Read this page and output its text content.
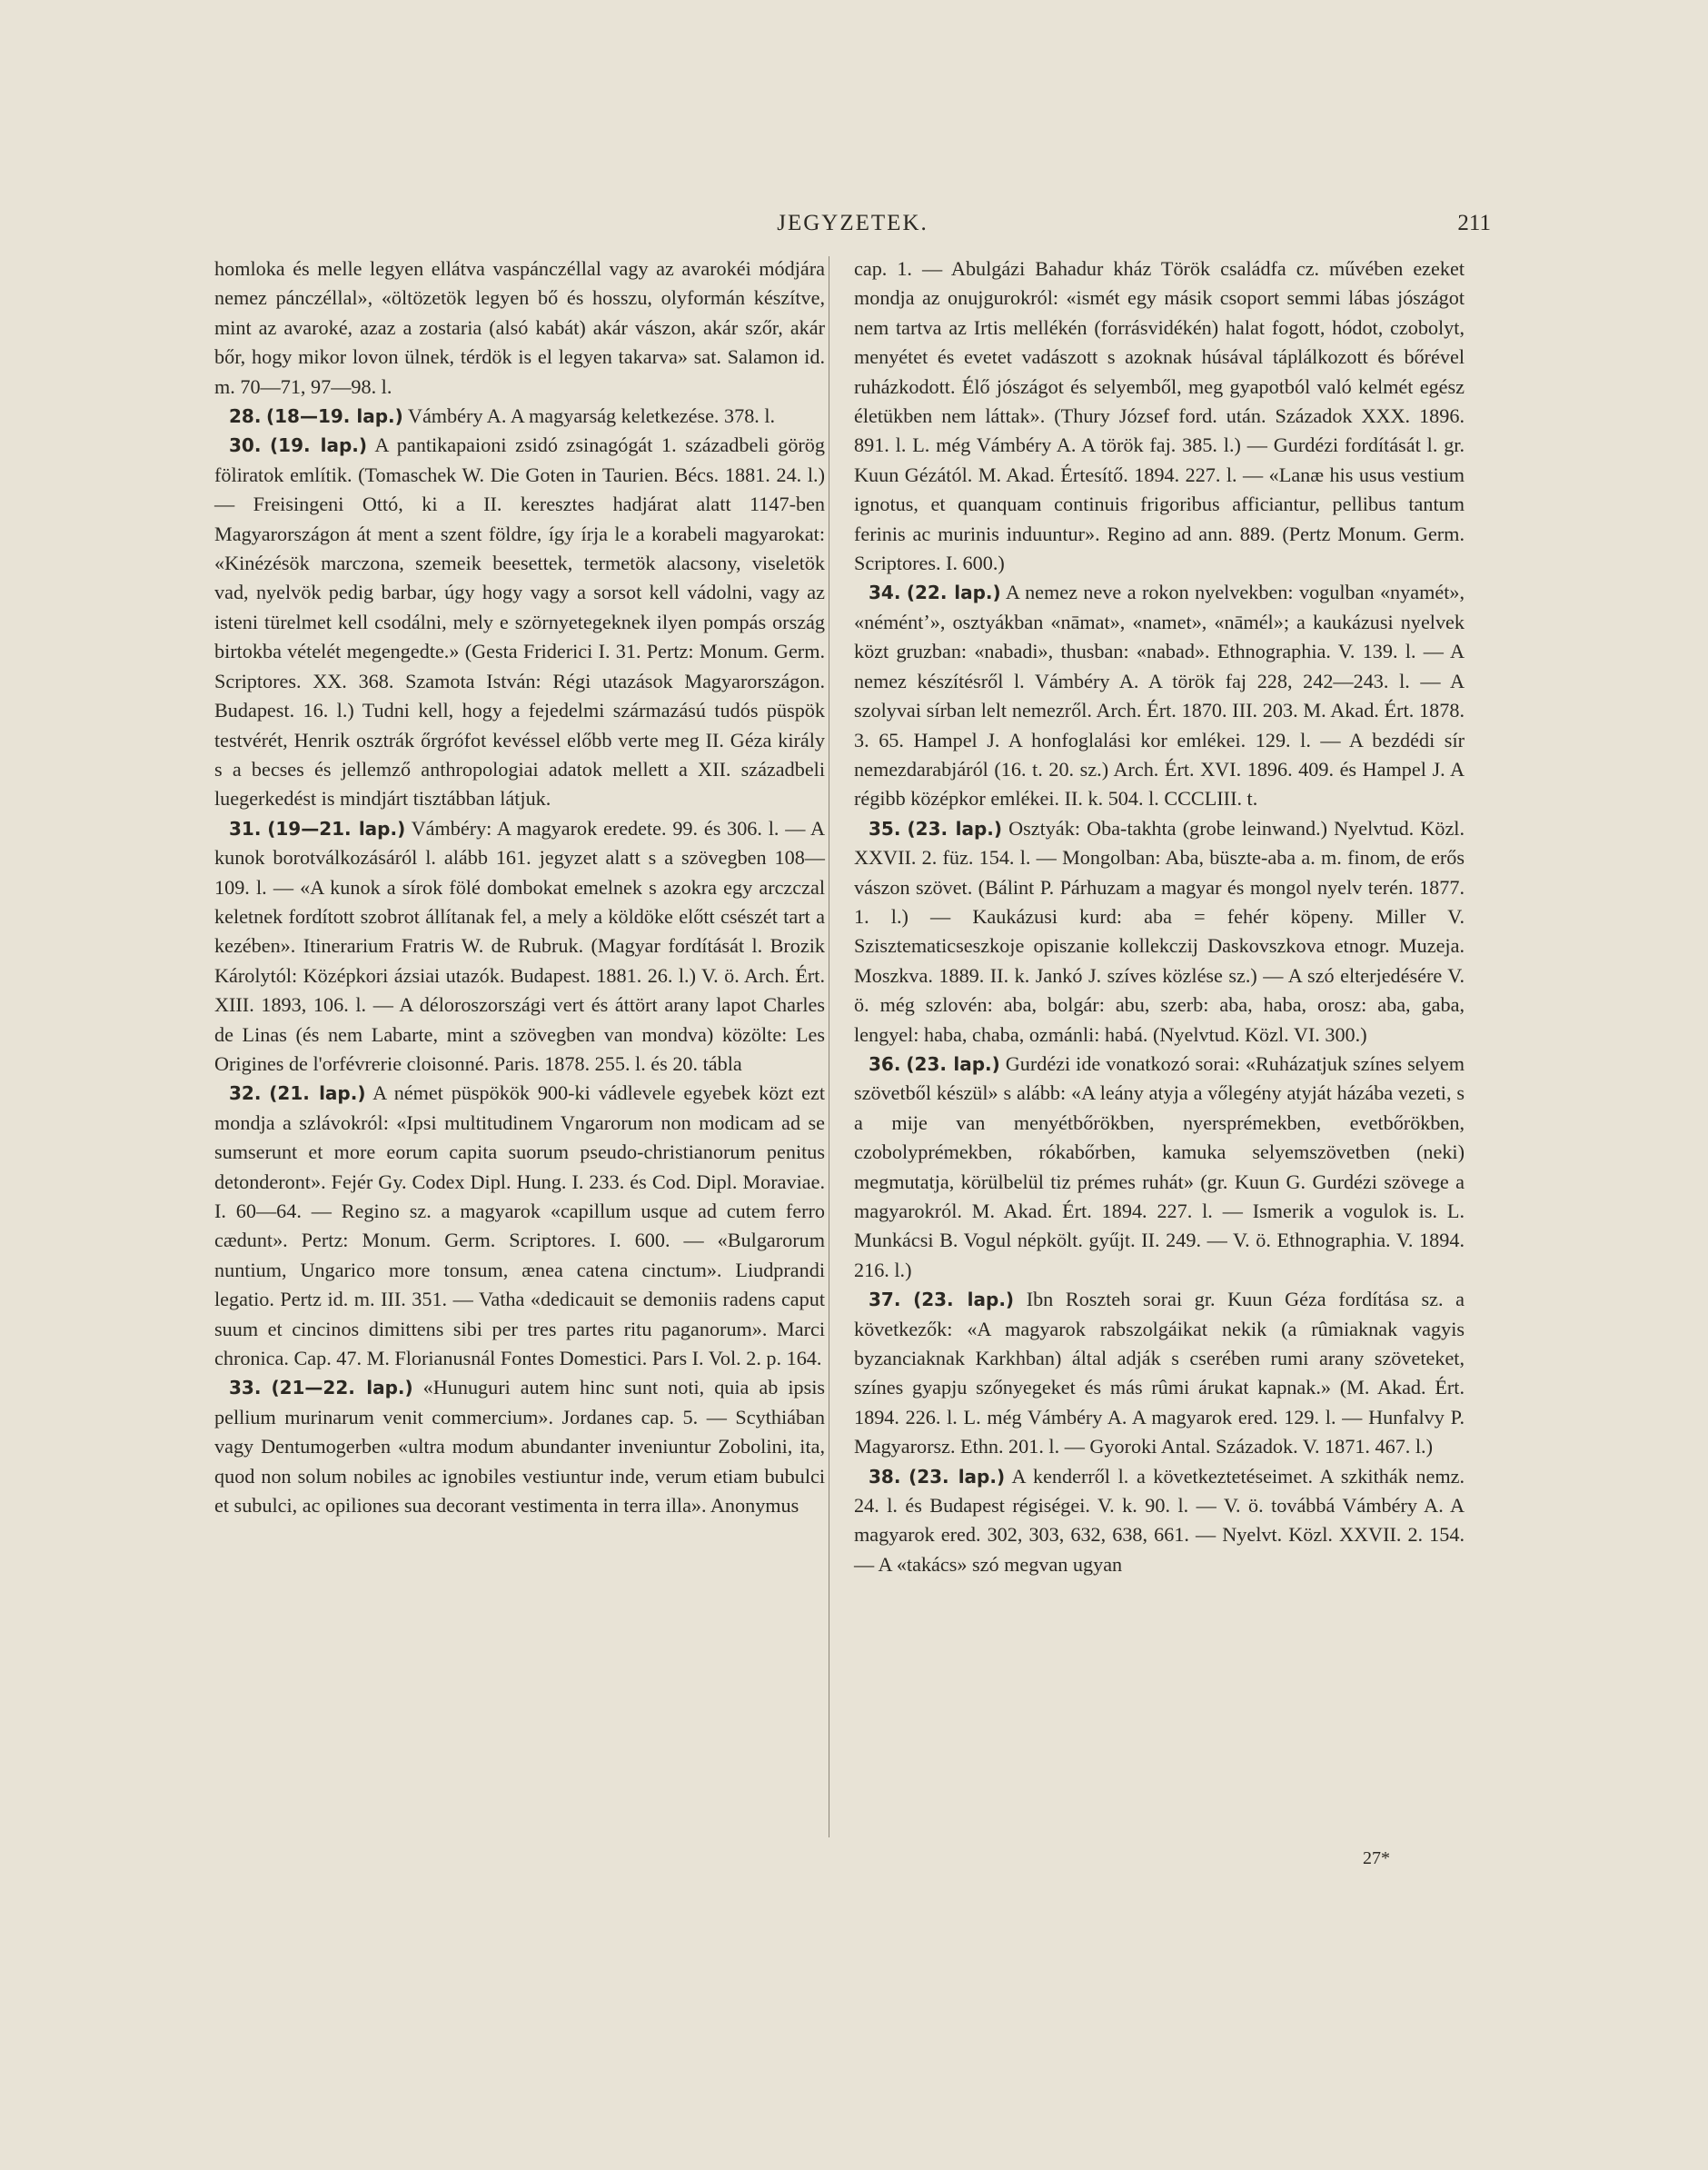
JEGYZETEK.	211

homloka és melle legyen ellátva vaspánczéllal vagy az avarokéi módjára nemez pánczéllal», «öltözetök legyen bő és hosszu, olyformán készítve, mint az avaroké, azaz a zostaria (alsó kabát) akár vászon, akár szőr, akár bőr, hogy mikor lovon ülnek, térdök is el legyen takarva» sat. Salamon id. m. 70—71, 97—98. l.

28. (18—19. lap.) Vámbéry A. A magyarság keletkezése. 378. l.

30. (19. lap.) A pantikapaioni zsidó zsinagógát 1. századbeli görög föliratok említik. (Tomaschek W. Die Goten in Taurien. Bécs. 1881. 24. l.) — Freisingeni Ottó, ki a II. keresztes hadjárat alatt 1147-ben Magyarországon át ment a szent földre, így írja le a korabeli magyarokat: «Kinézésök marczona, szemeik beesettek, termetök alacsony, viseletök vad, nyelvök pedig barbar, úgy hogy vagy a sorsot kell vádolni, vagy az isteni türelmet kell csodálni, mely e szörnyetegeknek ilyen pompás ország birtokba vételét megengedte.» (Gesta Friderici I. 31. Pertz: Monum. Germ. Scriptores. XX. 368. Szamota István: Régi utazások Magyarországon. Budapest. 16. l.) Tudni kell, hogy a fejedelmi származású tudós püspök testvérét, Henrik osztrák őrgrófot kevéssel előbb verte meg II. Géza király s a becses és jellemző anthropologiai adatok mellett a XII. századbeli luegerkedést is mindjárt tisztábban látjuk.

31. (19—21. lap.) Vámbéry: A magyarok eredete. 99. és 306. l. — A kunok borotválkozásáról l. alább 161. jegyzet alatt s a szövegben 108—109. l. — «A kunok a sírok fölé dombokat emelnek s azokra egy arczczal keletnek fordított szobrot állítanak fel, a mely a köldöke előtt csészét tart a kezében». Itinerarium Fratris W. de Rubruk. (Magyar fordítását l. Brozik Károlytól: Középkori ázsiai utazók. Budapest. 1881. 26. l.) V. ö. Arch. Ért. XIII. 1893, 106. l. — A déloroszországi vert és áttört arany lapot Charles de Linas (és nem Labarte, mint a szövegben van mondva) közölte: Les Origines de l'orfévrerie cloisonné. Paris. 1878. 255. l. és 20. tábla

32. (21. lap.) A német püspökök 900-ki vádlevele egyebek közt ezt mondja a szlávokról: «Ipsi multitudinem Vngarorum non modicam ad se sumserunt et more eorum capita suorum pseudo-christianorum penitus detonderont». Fejér Gy. Codex Dipl. Hung. I. 233. és Cod. Dipl. Moraviae. I. 60—64. — Regino sz. a magyarok «capillum usque ad cutem ferro cædunt». Pertz: Monum. Germ. Scriptores. I. 600. — «Bulgarorum nuntium, Ungarico more tonsum, ænea catena cinctum». Liudprandi legatio. Pertz id. m. III. 351. — Vatha «dedicauit se demoniis radens caput suum et cincinos dimittens sibi per tres partes ritu paganorum». Marci chronica. Cap. 47. M. Florianusnál Fontes Domestici. Pars I. Vol. 2. p. 164.

33. (21—22. lap.) «Hunuguri autem hinc sunt noti, quia ab ipsis pellium murinarum venit commercium». Jordanes cap. 5. — Scythiában vagy Dentumogerben «ultra modum abundanter inveniuntur Zobolini, ita, quod non solum nobiles ac ignobiles vestiuntur inde, verum etiam bubulci et subulci, ac opiliones sua decorant vestimenta in terra illa». Anonymus

cap. 1. — Abulgázi Bahadur kház Török családfa cz. művében ezeket mondja az onujgurokról: «ismét egy másik csoport semmi lábas jószágot nem tartva az Irtis mellékén (forrásvidékén) halat fogott, hódot, czobolyt, menyétet és evetet vadászott s azoknak húsával táplálkozott és bőrével ruházkodott. Élő jószágot és selyemből, meg gyapotból való kelmét egész életükben nem láttak». (Thury József ford. után. Századok XXX. 1896. 891. l. L. még Vámbéry A. A török faj. 385. l.) — Gurdézi fordítását l. gr. Kuun Gézától. M. Akad. Értesítő. 1894. 227. l. — «Lanæ his usus vestium ignotus, et quanquam continuis frigoribus afficiantur, pellibus tantum ferinis ac murinis induuntur». Regino ad ann. 889. (Pertz Monum. Germ. Scriptores. I. 600.)

34. (22. lap.) A nemez neve a rokon nyelvekben: vogulban «nyamét», «néméntʼ», osztyákban «nāmat», «namet», «nāmél»; a kaukázusi nyelvek közt gruzban: «nabadi», thusban: «nabad». Ethnographia. V. 139. l. — A nemez készítésről l. Vámbéry A. A török faj 228, 242—243. l. — A szolyvai sírban lelt nemezről. Arch. Ért. 1870. III. 203. M. Akad. Ért. 1878. 3. 65. Hampel J. A honfoglalási kor emlékei. 129. l. — A bezdédi sír nemezdarabjáról (16. t. 20. sz.) Arch. Ért. XVI. 1896. 409. és Hampel J. A régibb középkor emlékei. II. k. 504. l. CCCLIII. t.

35. (23. lap.) Osztyák: Oba-takhta (grobe leinwand.) Nyelvtud. Közl. XXVII. 2. füz. 154. l. — Mongolban: Aba, büszte-aba a. m. finom, de erős vászon szövet. (Bálint P. Párhuzam a magyar és mongol nyelv terén. 1877. 1. l.) — Kaukázusi kurd: aba = fehér köpeny. Miller V. Szisztematicseszkoje opiszanie kollekczij Daskovszkova etnogr. Muzeja. Moszkva. 1889. II. k. Jankó J. szíves közlése sz.) — A szó elterjedésére V. ö. még szlovén: aba, bolgár: abu, szerb: aba, haba, orosz: aba, gaba, lengyel: haba, chaba, ozmánli: habá. (Nyelvtud. Közl. VI. 300.)

36. (23. lap.) Gurdézi ide vonatkozó sorai: «Ruházatjuk színes selyem szövetből készül» s alább: «A leány atyja a vőlegény atyját házába vezeti, s a mije van menyétbőrökben, nyersprémekben, evetbőrökben, czobolyprémekben, rókabőrben, kamuka selyemszövetben (neki) megmutatja, körülbelül tiz prémes ruhát» (gr. Kuun G. Gurdézi szövege a magyarokról. M. Akad. Ért. 1894. 227. l. — Ismerik a vogulok is. L. Munkácsi B. Vogul népkölt. gyűjt. II. 249. — V. ö. Ethnographia. V. 1894. 216. l.)

37. (23. lap.) Ibn Roszteh sorai gr. Kuun Géza fordítása sz. a következők: «A magyarok rabszolgáikat nekik (a rûmiaknak vagyis byzanciaknak Karkhban) által adják s cserében rumi arany szöveteket, színes gyapju szőnyegeket és más rûmi árukat kapnak.» (M. Akad. Ért. 1894. 226. l. L. még Vámbéry A. A magyarok ered. 129. l. — Hunfalvy P. Magyarorsz. Ethn. 201. l. — Gyoroki Antal. Századok. V. 1871. 467. l.)

38. (23. lap.) A kenderről l. a következtetéseimet. A szkithák nemz. 24. l. és Budapest régiségei. V. k. 90. l. — V. ö. továbbá Vámbéry A. A magyarok ered. 302, 303, 632, 638, 661. — Nyelvt. Közl. XXVII. 2. 154. — A «takács» szó megvan ugyan

27*
